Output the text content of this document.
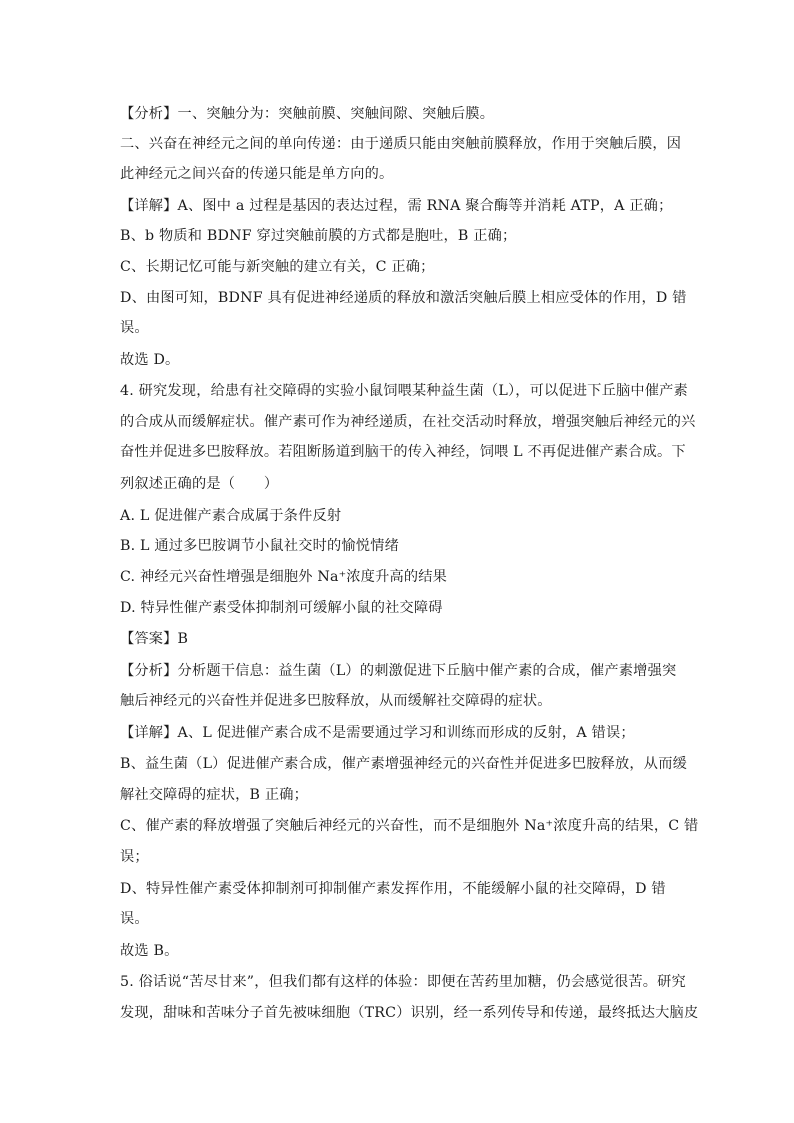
【分析】一、突触分为：突触前膜、突触间隙、突触后膜。
二、兴奋在神经元之间的单向传递：由于递质只能由突触前膜释放，作用于突触后膜，因
此神经元之间兴奋的传递只能是单方向的。
【详解】A、图中 a 过程是基因的表达过程，需 RNA 聚合酶等并消耗 ATP，A 正确；
B、b 物质和 BDNF 穿过突触前膜的方式都是胞吐，B 正确；
C、长期记忆可能与新突触的建立有关，C 正确；
D、由图可知，BDNF 具有促进神经递质的释放和激活突触后膜上相应受体的作用，D 错
误。
故选 D。
4. 研究发现，给患有社交障碍的实验小鼠饲喂某种益生菌（L），可以促进下丘脑中催产素
的合成从而缓解症状。催产素可作为神经递质，在社交活动时释放，增强突触后神经元的兴
奋性并促进多巴胺释放。若阻断肠道到脑干的传入神经，饲喂 L 不再促进催产素合成。下
列叙述正确的是（　　）
A. L 促进催产素合成属于条件反射
B. L 通过多巴胺调节小鼠社交时的愉悦情绪
C. 神经元兴奋性增强是细胞外 Na⁺浓度升高的结果
D. 特异性催产素受体抑制剂可缓解小鼠的社交障碍
【答案】B
【分析】分析题干信息：益生菌（L）的刺激促进下丘脑中催产素的合成，催产素增强突
触后神经元的兴奋性并促进多巴胺释放，从而缓解社交障碍的症状。
【详解】A、L 促进催产素合成不是需要通过学习和训练而形成的反射，A 错误；
B、益生菌（L）促进催产素合成，催产素增强神经元的兴奋性并促进多巴胺释放，从而缓
解社交障碍的症状，B 正确；
C、催产素的释放增强了突触后神经元的兴奋性，而不是细胞外 Na⁺浓度升高的结果，C 错
误；
D、特异性催产素受体抑制剂可抑制催产素发挥作用，不能缓解小鼠的社交障碍，D 错
误。
故选 B。
5. 俗话说“苦尽甘来”，但我们都有这样的体验：即便在苦药里加糖，仍会感觉很苦。研究
发现，甜味和苦味分子首先被味细胞（TRC）识别，经一系列传导和传递，最终抵达大脑皮
